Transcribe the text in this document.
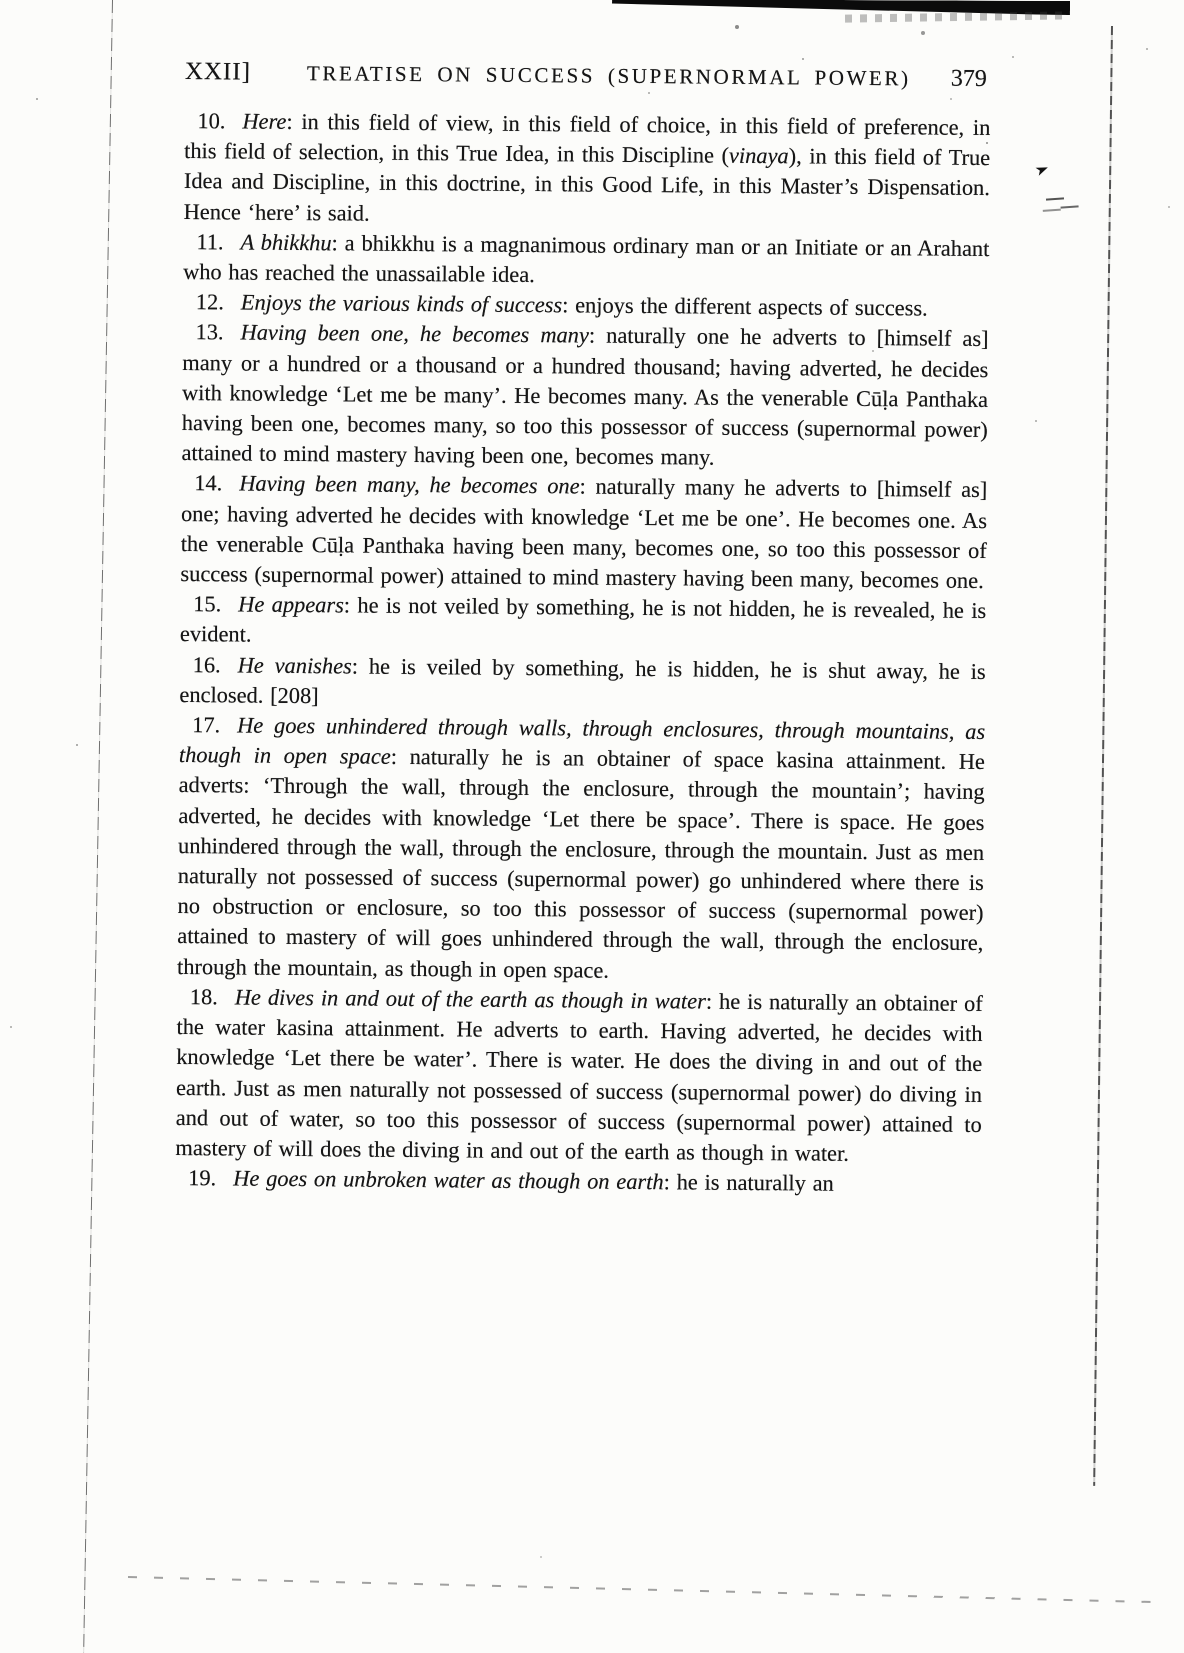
➤
XXII]	TREATISE ON SUCCESS (SUPERNORMAL POWER) 379

10. Here: in this field of view, in this field of choice, in this field of preference, in this field of selection, in this True Idea, in this Discipline (vinaya), in this field of True Idea and Discipline, in this doctrine, in this Good Life, in this Master’s Dispensation. Hence ‘here’ is said.

11. A bhikkhu: a bhikkhu is a magnanimous ordinary man or an Initiate or an Arahant who has reached the unassailable idea.

12. Enjoys the various kinds of success: enjoys the different aspects of success.

13. Having been one, he becomes many: naturally one he adverts to [himself as] many or a hundred or a thousand or a hundred thousand; having adverted, he decides with knowledge ‘Let me be many’. He becomes many. As the venerable Cūḷa Panthaka having been one, becomes many, so too this possessor of success (supernormal power) attained to mind mastery having been one, becomes many.

14. Having been many, he becomes one: naturally many he adverts to [himself as] one; having adverted he decides with knowledge ‘Let me be one’. He becomes one. As the venerable Cūḷa Panthaka having been many, becomes one, so too this possessor of success (supernormal power) attained to mind mastery having been many, becomes one.

15. He appears: he is not veiled by something, he is not hidden, he is revealed, he is evident.

16. He vanishes: he is veiled by something, he is hidden, he is shut away, he is enclosed. [208]

17. He goes unhindered through walls, through enclosures, through mountains, as though in open space: naturally he is an obtainer of space kasina attainment. He adverts: ‘Through the wall, through the enclosure, through the mountain’; having adverted, he decides with knowledge ‘Let there be space’. There is space. He goes unhindered through the wall, through the enclosure, through the mountain. Just as men naturally not possessed of success (supernormal power) go unhindered where there is no obstruction or enclosure, so too this possessor of success (supernormal power) attained to mastery of will goes unhindered through the wall, through the enclosure, through the mountain, as though in open space.

18. He dives in and out of the earth as though in water: he is naturally an obtainer of the water kasina attainment. He adverts to earth. Having adverted, he decides with knowledge ‘Let there be water’. There is water. He does the diving in and out of the earth. Just as men naturally not possessed of success (supernormal power) do diving in and out of water, so too this possessor of success (supernormal power) attained to mastery of will does the diving in and out of the earth as though in water.

19. He goes on unbroken water as though on earth: he is naturally an
